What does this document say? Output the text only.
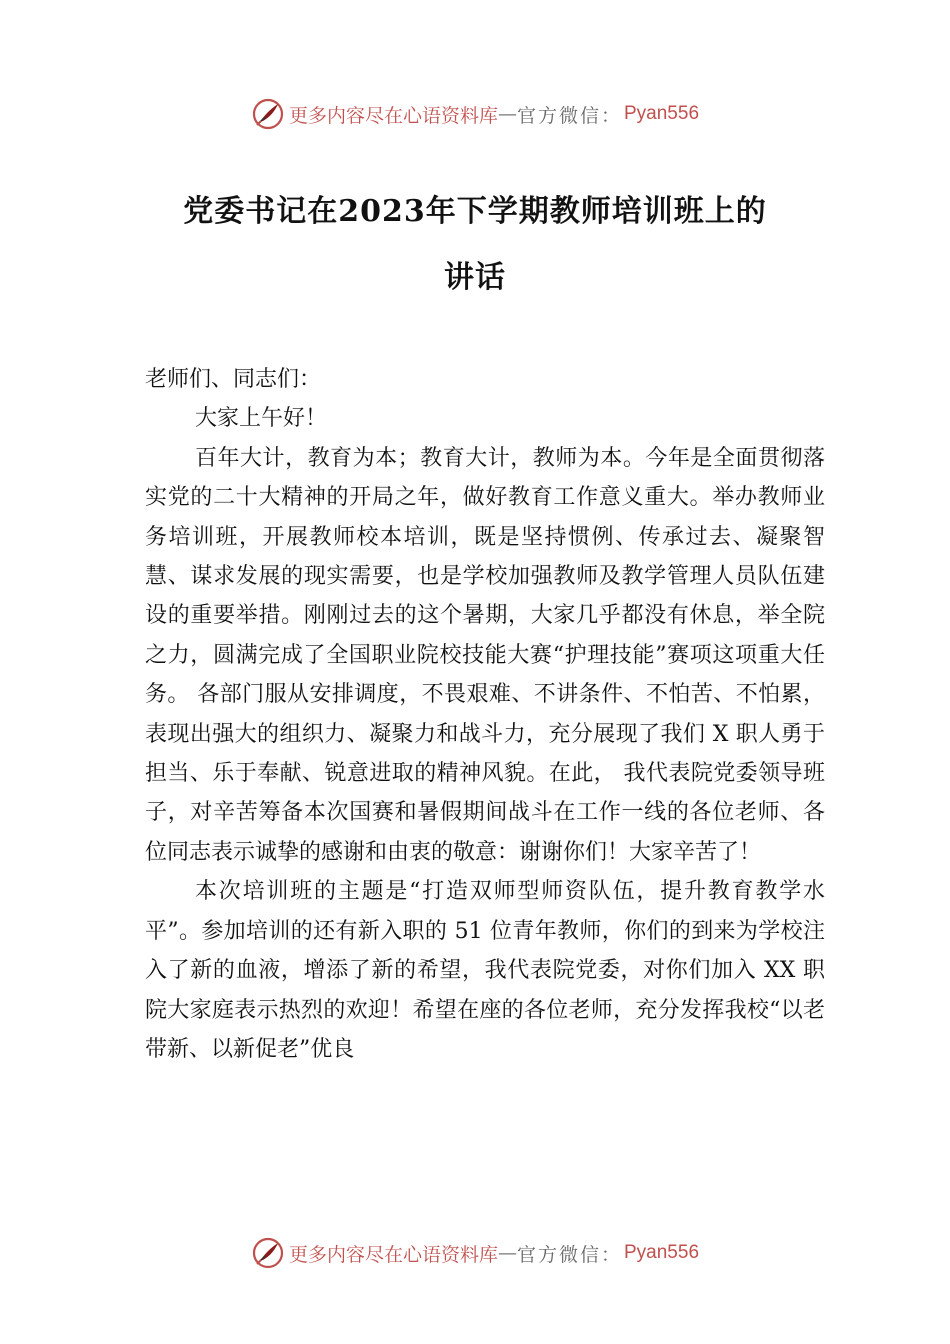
更多内容尽在心语资料库 — 官方微信： Pyan556
党委书记在2023年下学期教师培训班上的
讲话

老师们、同志们：

大家上午好！

百年大计，教育为本；教育大计，教师为本。今年是全面贯彻落实党的二十大精神的开局之年，做好教育工作意义重大。举办教师业务培训班，开展教师校本培训，既是坚持惯例、传承过去、凝聚智慧、谋求发展的现实需要，也是学校加强教师及教学管理人员队伍建设的重要举措。刚刚过去的这个暑期，大家几乎都没有休息，举全院之力，圆满完成了全国职业院校技能大赛“护理技能”赛项这项重大任务。 各部门服从安排调度，不畏艰难、不讲条件、不怕苦、不怕累，表现出强大的组织力、凝聚力和战斗力，充分展现了我们 X 职人勇于担当、乐于奉献、锐意进取的精神风貌。在此， 我代表院党委领导班子，对辛苦筹备本次国赛和暑假期间战斗在工作一线的各位老师、各位同志表示诚挚的感谢和由衷的敬意：谢谢你们！大家辛苦了！

本次培训班的主题是“打造双师型师资队伍，提升教育教学水平”。参加培训的还有新入职的 51 位青年教师，你们的到来为学校注入了新的血液，增添了新的希望，我代表院党委，对你们加入 XX 职院大家庭表示热烈的欢迎！希望在座的各位老师，充分发挥我校“以老带新、以新促老”优良

更多内容尽在心语资料库 — 官方微信： Pyan556
